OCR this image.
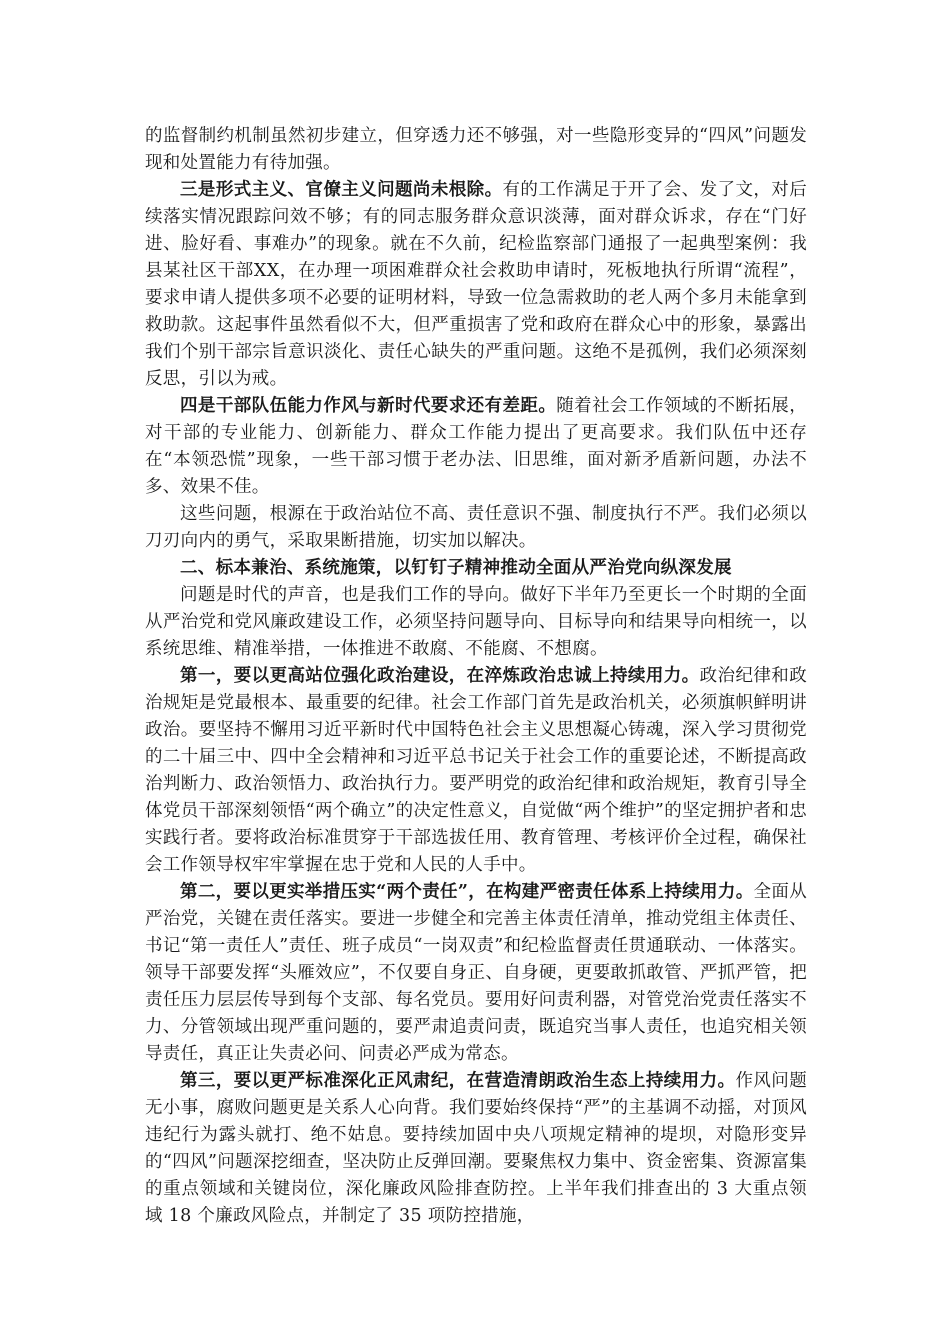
的监督制约机制虽然初步建立，但穿透力还不够强，对一些隐形变异的“四风”问题发现和处置能力有待加强。

三是形式主义、官僚主义问题尚未根除。有的工作满足于开了会、发了文，对后续落实情况跟踪问效不够；有的同志服务群众意识淡薄，面对群众诉求，存在“门好进、脸好看、事难办”的现象。就在不久前，纪检监察部门通报了一起典型案例：我县某社区干部XX，在办理一项困难群众社会救助申请时，死板地执行所谓“流程”，要求申请人提供多项不必要的证明材料，导致一位急需救助的老人两个多月未能拿到救助款。这起事件虽然看似不大，但严重损害了党和政府在群众心中的形象，暴露出我们个别干部宗旨意识淡化、责任心缺失的严重问题。这绝不是孤例，我们必须深刻反思，引以为戒。

四是干部队伍能力作风与新时代要求还有差距。随着社会工作领域的不断拓展，对干部的专业能力、创新能力、群众工作能力提出了更高要求。我们队伍中还存在“本领恐慌”现象，一些干部习惯于老办法、旧思维，面对新矛盾新问题，办法不多、效果不佳。

这些问题，根源在于政治站位不高、责任意识不强、制度执行不严。我们必须以刀刃向内的勇气，采取果断措施，切实加以解决。

二、标本兼治、系统施策，以钉钉子精神推动全面从严治党向纵深发展

问题是时代的声音，也是我们工作的导向。做好下半年乃至更长一个时期的全面从严治党和党风廉政建设工作，必须坚持问题导向、目标导向和结果导向相统一，以系统思维、精准举措，一体推进不敢腐、不能腐、不想腐。

第一，要以更高站位强化政治建设，在淬炼政治忠诚上持续用力。政治纪律和政治规矩是党最根本、最重要的纪律。社会工作部门首先是政治机关，必须旗帜鲜明讲政治。要坚持不懈用习近平新时代中国特色社会主义思想凝心铸魂，深入学习贯彻党的二十届三中、四中全会精神和习近平总书记关于社会工作的重要论述，不断提高政治判断力、政治领悟力、政治执行力。要严明党的政治纪律和政治规矩，教育引导全体党员干部深刻领悟“两个确立”的决定性意义，自觉做“两个维护”的坚定拥护者和忠实践行者。要将政治标准贯穿于干部选拔任用、教育管理、考核评价全过程，确保社会工作领导权牢牢掌握在忠于党和人民的人手中。

第二，要以更实举措压实“两个责任”，在构建严密责任体系上持续用力。全面从严治党，关键在责任落实。要进一步健全和完善主体责任清单，推动党组主体责任、书记“第一责任人”责任、班子成员“一岗双责”和纪检监督责任贯通联动、一体落实。领导干部要发挥“头雁效应”，不仅要自身正、自身硬，更要敢抓敢管、严抓严管，把责任压力层层传导到每个支部、每名党员。要用好问责利器，对管党治党责任落实不力、分管领域出现严重问题的，要严肃追责问责，既追究当事人责任，也追究相关领导责任，真正让失责必问、问责必严成为常态。

第三，要以更严标准深化正风肃纪，在营造清朗政治生态上持续用力。作风问题无小事，腐败问题更是关系人心向背。我们要始终保持“严”的主基调不动摇，对顶风违纪行为露头就打、绝不姑息。要持续加固中央八项规定精神的堤坝，对隐形变异的“四风”问题深挖细查，坚决防止反弹回潮。要聚焦权力集中、资金密集、资源富集的重点领域和关键岗位，深化廉政风险排查防控。上半年我们排查出的 3 大重点领域 18 个廉政风险点，并制定了 35 项防控措施，
